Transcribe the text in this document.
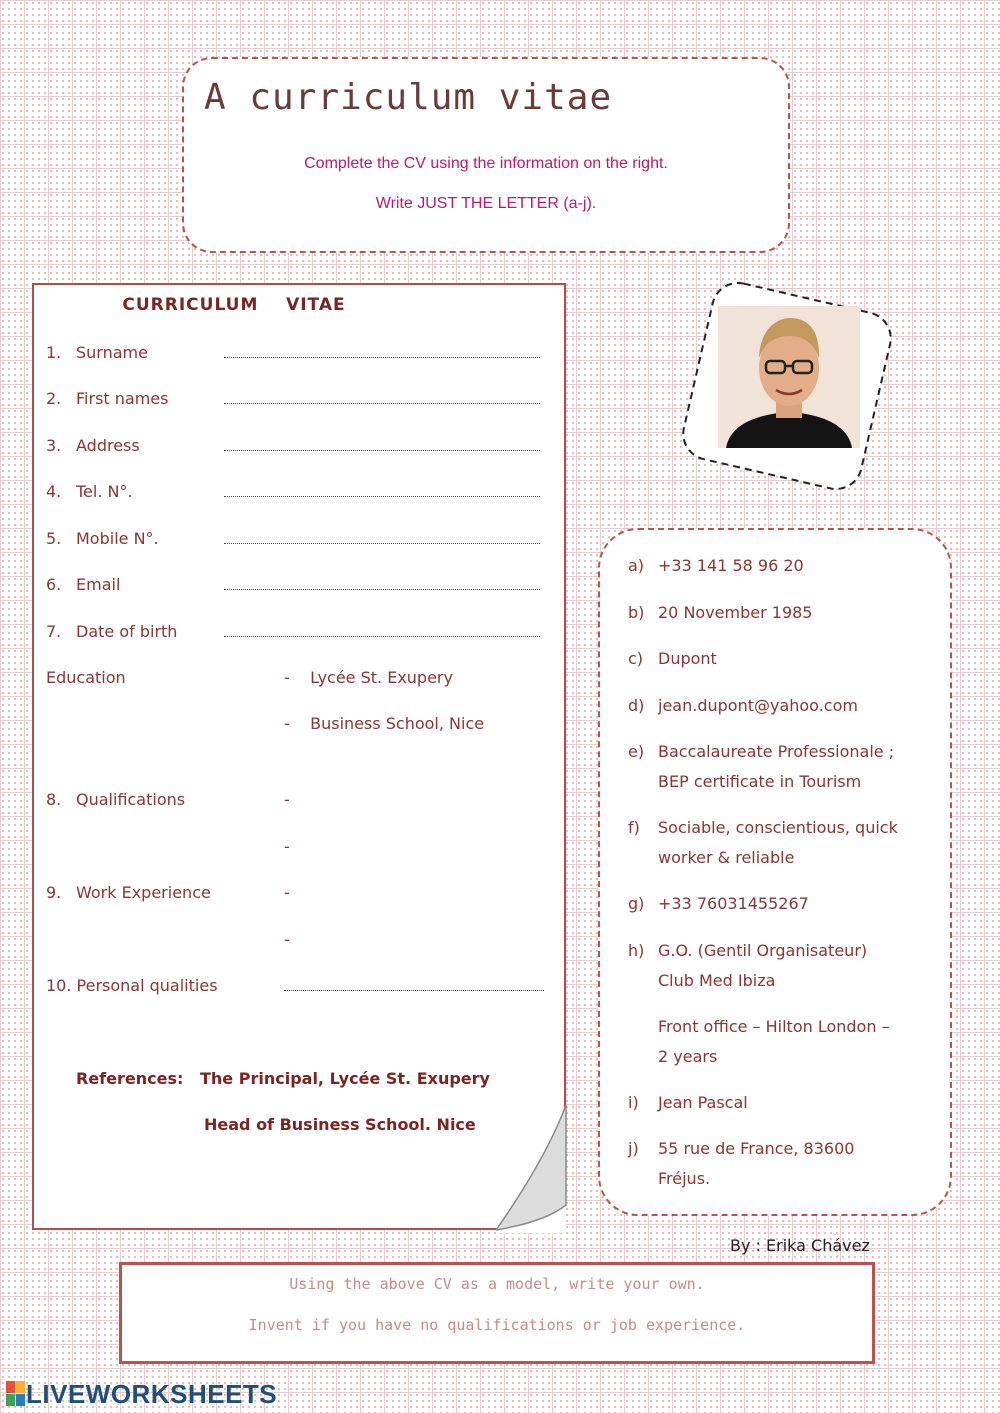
A curriculum vitae
Complete the CV using the information on the right.
Write JUST THE LETTER (a-j).
CURRICULUM    VITAE
1. Surname
2. First names
3. Address
4. Tel. N°.
5. Mobile N°.
6. Email
7. Date of birth
Education	-    Lycée St. Exupery
-    Business School, Nice
8. Qualifications	-
-
9. Work Experience	-
-
10. Personal qualities
References: The Principal, Lycée St. Exupery
Head of Business School. Nice
a) +33 141 58 96 20
b) 20 November 1985
c) Dupont
d) jean.dupont@yahoo.com
e) Baccalaureate Professionale ;
BEP certificate in Tourism
f) Sociable, conscientious, quick
worker & reliable
g) +33 76031455267
h) G.O. (Gentil Organisateur)
Club Med Ibiza
Front office – Hilton London –
2 years
i) Jean Pascal
j) 55 rue de France, 83600
Fréjus.
By : Erika Chávez
Using the above CV as a model, write your own.
Invent if you have no qualifications or job experience.
LIVEWORKSHEETS
